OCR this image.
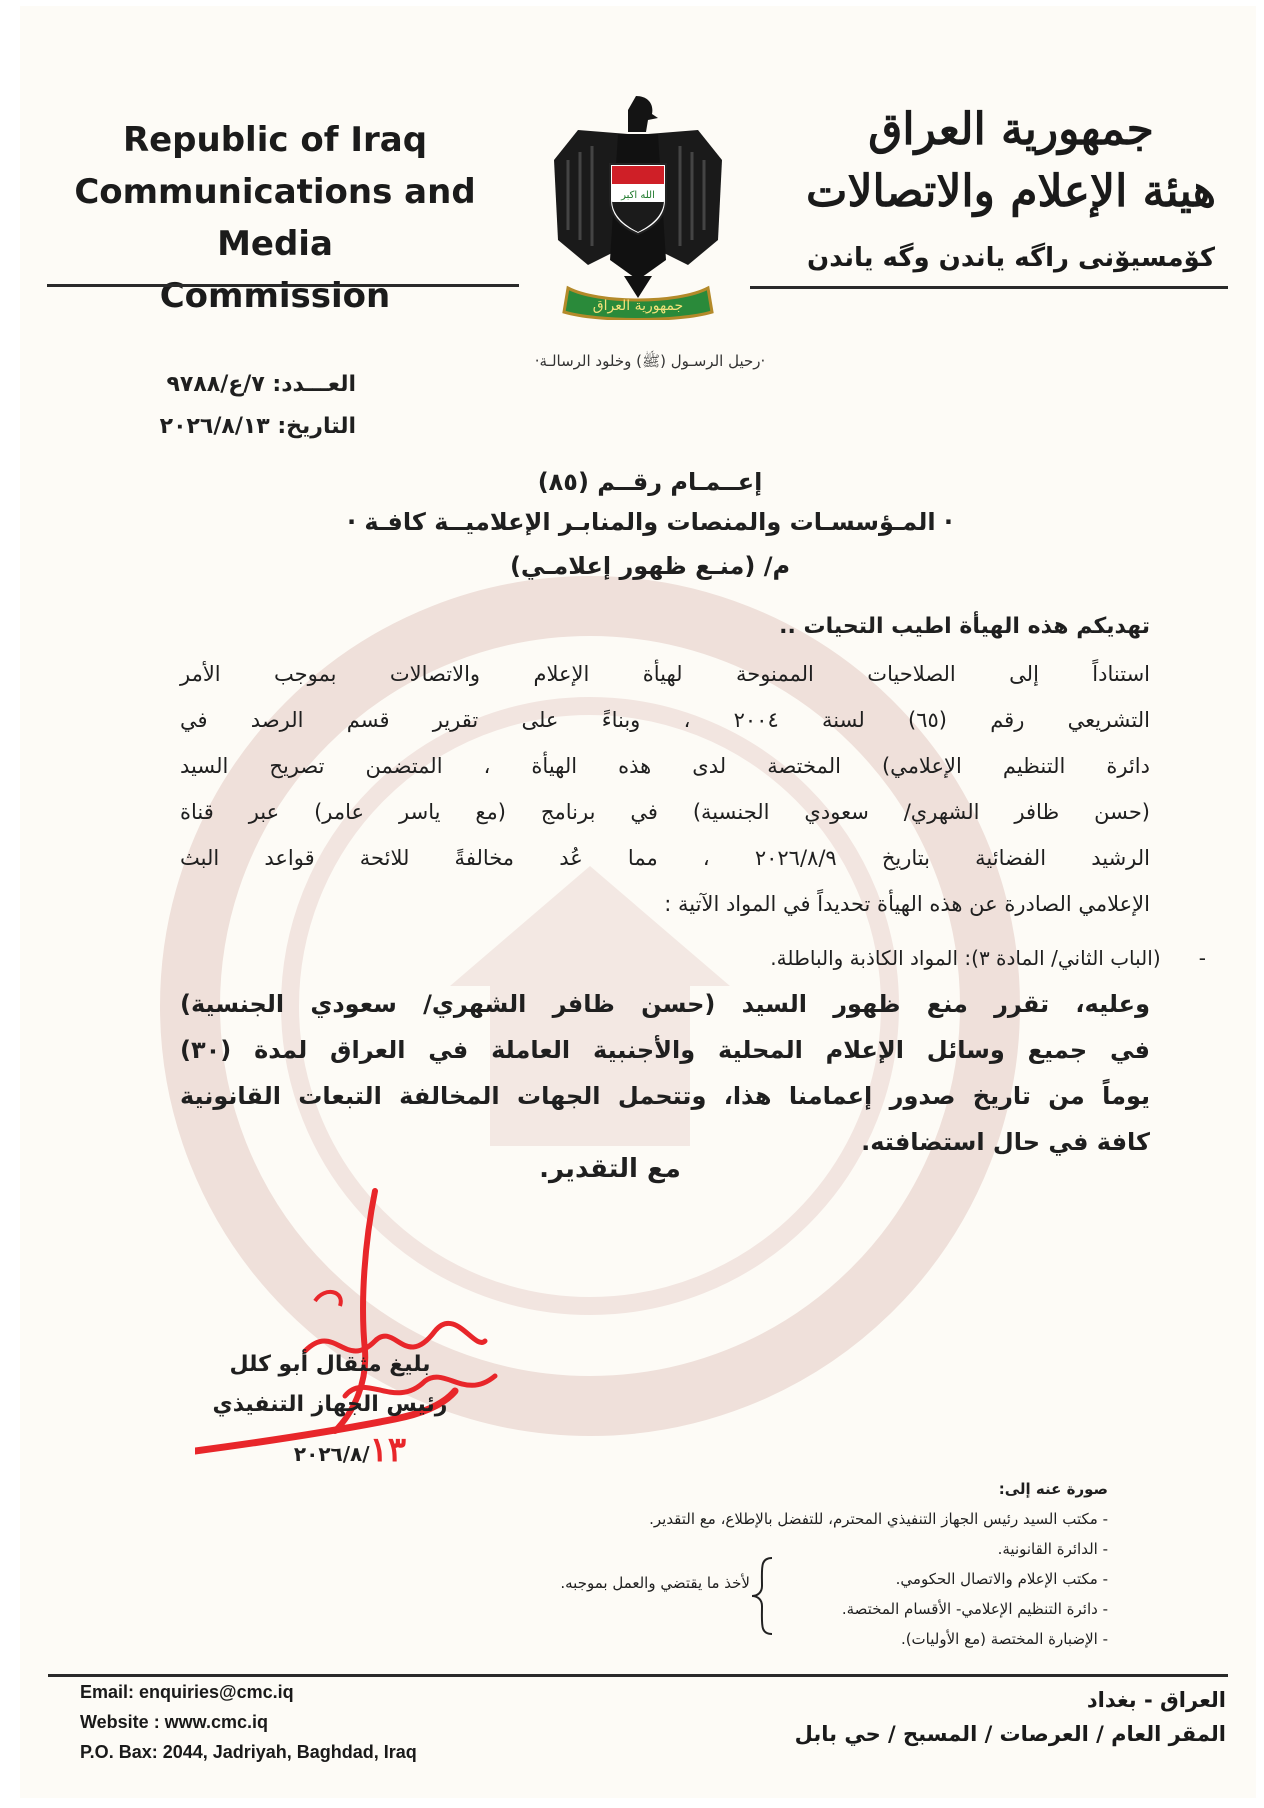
Republic of Iraq
Communications and Media
Commission
الله اكبر
جمهورية العراق
جمهورية العراق
هيئة الإعلام والاتصالات
كۆمسیۆنی راگه یاندن وگه یاندن
·رحيل الرسـول (ﷺ) وخلود الرسالـة·
العـــدد: ٧/ع/٩٧٨٨
التاريخ: ٢٠٢٦/٨/١٣
إعــمـام رقــم (٨٥)
· المـؤسسـات والمنصات والمنابـر الإعلاميــة كافـة ·
م/ (منـع ظهور إعلامـي)
تهديكم هذه الهيأة اطيب التحيات ..
استناداً إلى الصلاحيات الممنوحة لهيأة الإعلام والاتصالات بموجب الأمر
التشريعي رقم (٦٥) لسنة ٢٠٠٤ ، وبناءً على تقرير قسم الرصد في
دائرة التنظيم الإعلامي) المختصة لدى هذه الهيأة ، المتضمن تصريح السيد
(حسن ظافر الشهري/ سعودي الجنسية) في برنامج (مع ياسر عامر) عبر قناة
الرشيد الفضائية بتاريخ ٢٠٢٦/٨/٩ ، مما عُد مخالفةً للائحة قواعد البث
الإعلامي الصادرة عن هذه الهيأة تحديداً في المواد الآتية :
-      (الباب الثاني/ المادة ٣): المواد الكاذبة والباطلة.
وعليه، تقرر منع ظهور السيد (حسن ظافر الشهري/ سعودي الجنسية)
في جميع وسائل الإعلام المحلية والأجنبية العاملة في العراق لمدة (٣٠)
يوماً من تاريخ صدور إعمامنا هذا، وتتحمل الجهات المخالفة التبعات القانونية
كافة في حال استضافته.
مع التقدير.
بليغ مثقال أبو كلل
رئيس الجهاز التنفيذي
٢٠٢٦/٨/١٣
صورة عنه إلى:
- مكتب السيد رئيس الجهاز التنفيذي المحترم، للتفضل بالإطلاع، مع التقدير.
- الدائرة القانونية.
- مكتب الإعلام والاتصال الحكومي.
- دائرة التنظيم الإعلامي- الأقسام المختصة.
- الإضبارة المختصة (مع الأوليات).
لأخذ ما يقتضي والعمل بموجبه.
Email: enquiries@cmc.iq
Website : www.cmc.iq
P.O. Bax: 2044, Jadriyah, Baghdad, Iraq
العراق - بغداد
المقر العام / العرصات / المسبح / حي بابل
